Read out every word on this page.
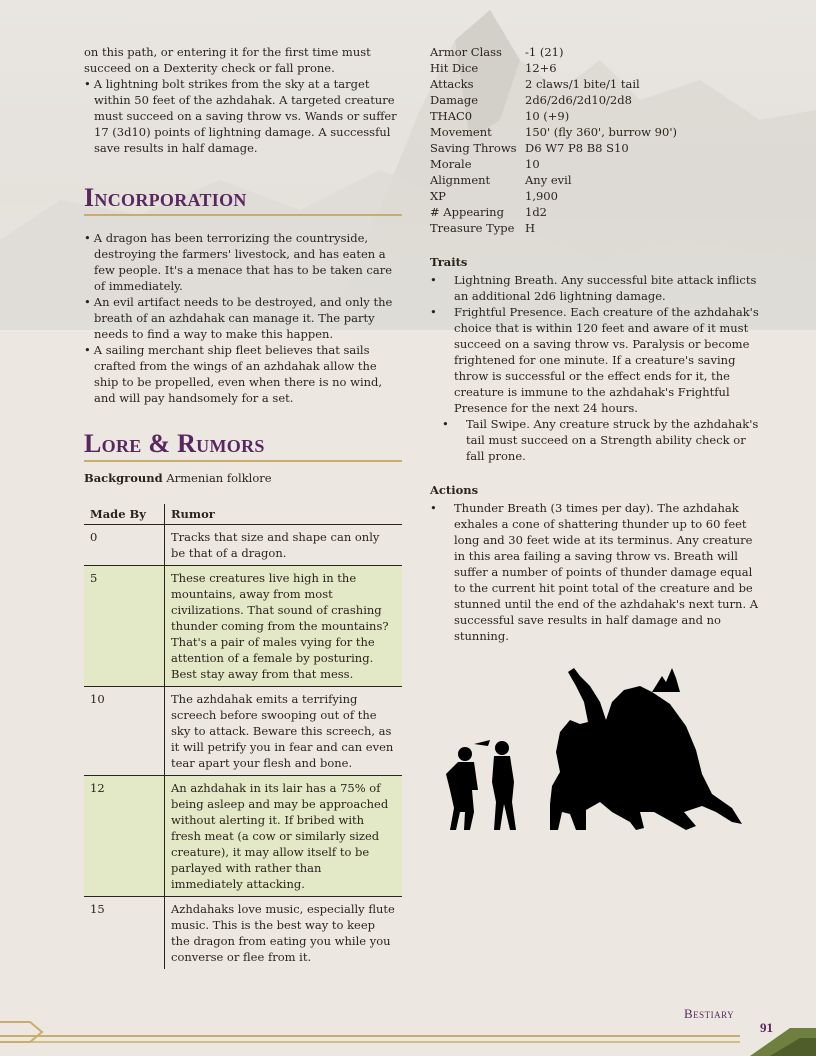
on this path, or entering it for the first time must succeed on a Dexterity check or fall prone.
• A lightning bolt strikes from the sky at a target within 50 feet of the azhdahak. A targeted creature must succeed on a saving throw vs. Wands or suffer 17 (3d10) points of lightning damage. A successful save results in half damage.
Incorporation
• A dragon has been terrorizing the countryside, destroying the farmers' livestock, and has eaten a few people. It's a menace that has to be taken care of immediately.
• An evil artifact needs to be destroyed, and only the breath of an azhdahak can manage it. The party needs to find a way to make this happen.
• A sailing merchant ship fleet believes that sails crafted from the wings of an azhdahak allow the ship to be propelled, even when there is no wind, and will pay handsomely for a set.
Lore & Rumors

Background Armenian folklore

Made By	Rumor
0	Tracks that size and shape can only be that of a dragon.
5	These creatures live high in the mountains, away from most civilizations. That sound of crashing thunder coming from the mountains? That's a pair of males vying for the attention of a female by posturing. Best stay away from that mess.
10	The azhdahak emits a terrifying screech before swooping out of the sky to attack. Beware this screech, as it will petrify you in fear and can even tear apart your flesh and bone.
12	An azhdahak in its lair has a 75% of being asleep and may be approached without alerting it. If bribed with fresh meat (a cow or similarly sized creature), it may allow itself to be parlayed with rather than immediately attacking.
15	Azhdahaks love music, especially flute music. This is the best way to keep the dragon from eating you while you converse or flee from it.
Armor Class	-1 (21)
Hit Dice	12+6
Attacks	2 claws/1 bite/1 tail
Damage	2d6/2d6/2d10/2d8
THAC0	10 (+9)
Movement	150' (fly 360', burrow 90')
Saving Throws D6 W7 P8 B8 S10
Morale	10
Alignment	Any evil
XP	1,900
# Appearing	1d2
Treasure Type H
Traits
• Lightning Breath. Any successful bite attack inflicts an additional 2d6 lightning damage.
• Frightful Presence. Each creature of the azhdahak's choice that is within 120 feet and aware of it must succeed on a saving throw vs. Paralysis or become frightened for one minute. If a creature's saving throw is successful or the effect ends for it, the creature is immune to the azhdahak's Frightful Presence for the next 24 hours.
• Tail Swipe. Any creature struck by the azhdahak's tail must succeed on a Strength ability check or fall prone.
Actions
• Thunder Breath (3 times per day). The azhdahak exhales a cone of shattering thunder up to 60 feet long and 30 feet wide at its terminus. Any creature in this area failing a saving throw vs. Breath will suffer a number of points of thunder damage equal to the current hit point total of the creature and be stunned until the end of the azhdahak's next turn. A successful save results in half damage and no stunning.
Bestiary
91
